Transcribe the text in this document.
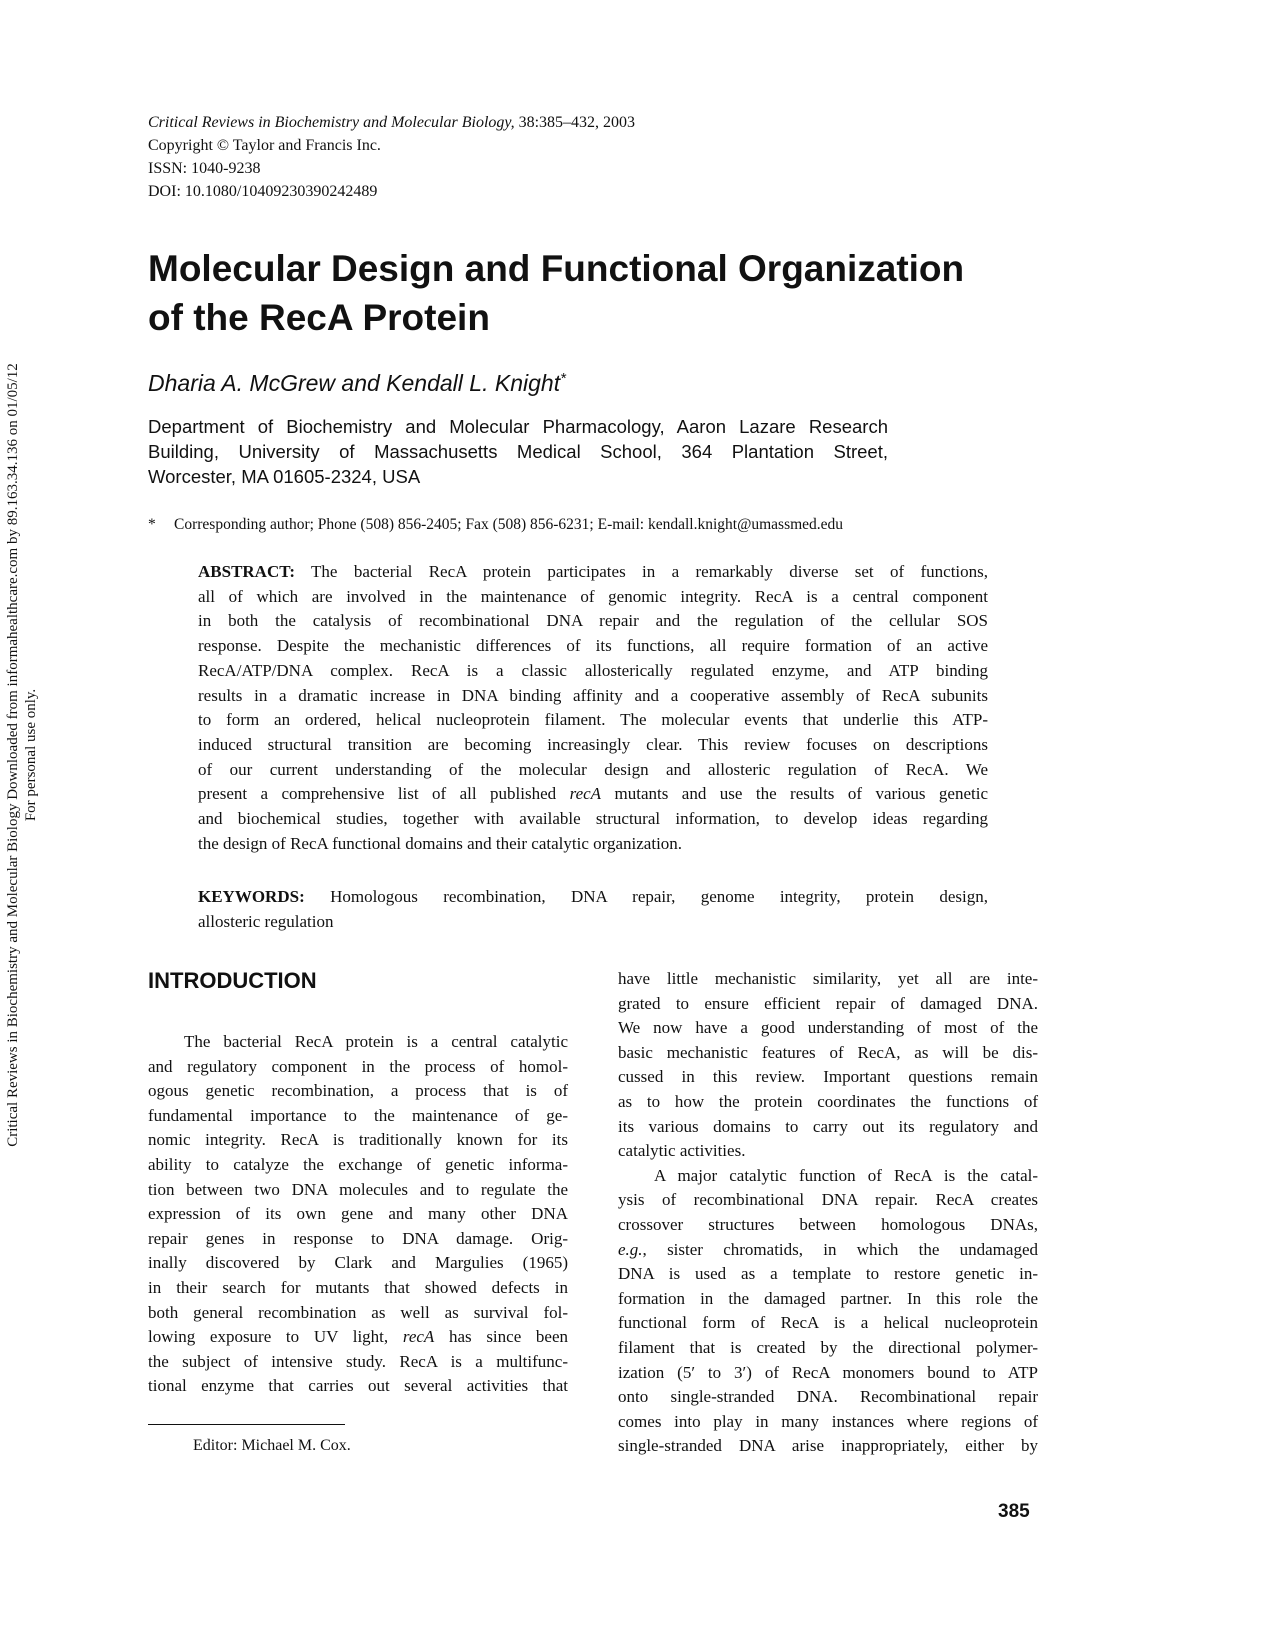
Critical Reviews in Biochemistry and Molecular Biology Downloaded from informahealthcare.com by 89.163.34.136 on 01/05/12 For personal use only.
Critical Reviews in Biochemistry and Molecular Biology, 38:385–432, 2003
Copyright © Taylor and Francis Inc.
ISSN: 1040-9238
DOI: 10.1080/10409230390242489
Molecular Design and Functional Organization
of the RecA Protein
Dharia A. McGrew and Kendall L. Knight*
Department of Biochemistry and Molecular Pharmacology, Aaron Lazare Research
Building, University of Massachusetts Medical School, 364 Plantation Street,
Worcester, MA 01605-2324, USA
* Corresponding author; Phone (508) 856-2405; Fax (508) 856-6231; E-mail: kendall.knight@umassmed.edu
ABSTRACT: The bacterial RecA protein participates in a remarkably diverse set of functions,
all of which are involved in the maintenance of genomic integrity. RecA is a central component
in both the catalysis of recombinational DNA repair and the regulation of the cellular SOS
response. Despite the mechanistic differences of its functions, all require formation of an active
RecA/ATP/DNA complex. RecA is a classic allosterically regulated enzyme, and ATP binding
results in a dramatic increase in DNA binding affinity and a cooperative assembly of RecA subunits
to form an ordered, helical nucleoprotein filament. The molecular events that underlie this ATP-
induced structural transition are becoming increasingly clear. This review focuses on descriptions
of our current understanding of the molecular design and allosteric regulation of RecA. We
present a comprehensive list of all published recA mutants and use the results of various genetic
and biochemical studies, together with available structural information, to develop ideas regarding
the design of RecA functional domains and their catalytic organization.
KEYWORDS: Homologous recombination, DNA repair, genome integrity, protein design,
allosteric regulation
INTRODUCTION
The bacterial RecA protein is a central catalytic
and regulatory component in the process of homol-
ogous genetic recombination, a process that is of
fundamental importance to the maintenance of ge-
nomic integrity. RecA is traditionally known for its
ability to catalyze the exchange of genetic informa-
tion between two DNA molecules and to regulate the
expression of its own gene and many other DNA
repair genes in response to DNA damage. Orig-
inally discovered by Clark and Margulies (1965)
in their search for mutants that showed defects in
both general recombination as well as survival fol-
lowing exposure to UV light, recA has since been
the subject of intensive study. RecA is a multifunc-
tional enzyme that carries out several activities that
have little mechanistic similarity, yet all are inte-
grated to ensure efficient repair of damaged DNA.
We now have a good understanding of most of the
basic mechanistic features of RecA, as will be dis-
cussed in this review. Important questions remain
as to how the protein coordinates the functions of
its various domains to carry out its regulatory and
catalytic activities.
A major catalytic function of RecA is the catal-
ysis of recombinational DNA repair. RecA creates
crossover structures between homologous DNAs,
e.g., sister chromatids, in which the undamaged
DNA is used as a template to restore genetic in-
formation in the damaged partner. In this role the
functional form of RecA is a helical nucleoprotein
filament that is created by the directional polymer-
ization (5′ to 3′) of RecA monomers bound to ATP
onto single-stranded DNA. Recombinational repair
comes into play in many instances where regions of
single-stranded DNA arise inappropriately, either by
Editor: Michael M. Cox.
385
